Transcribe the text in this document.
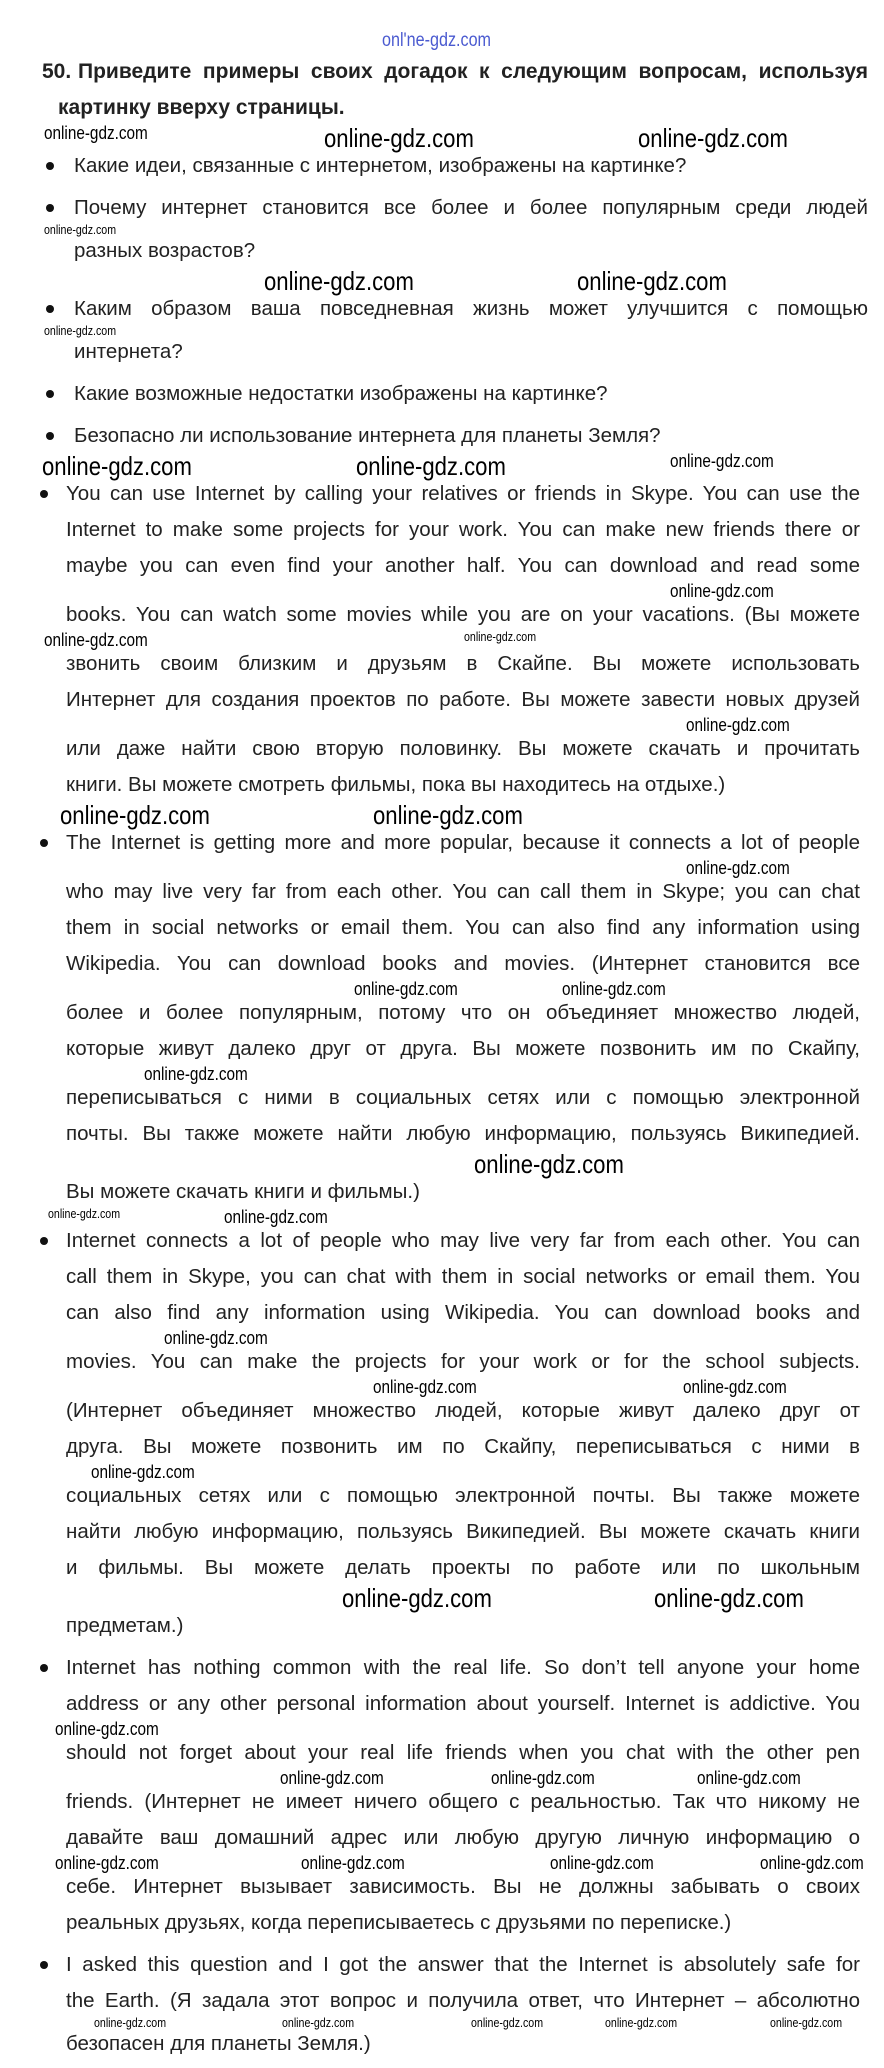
onl'ne-gdz.com
50. Приведите примеры своих догадок к следующим вопросам, используя
картинку вверху страницы.
online-gdz.com	online-gdz.com	online-gdz.com
Какие идеи, связанные с интернетом, изображены на картинке?
Почему интернет становится все более и более популярным среди людей
online-gdz.com
разных возрастов?
online-gdz.com	online-gdz.com
Каким образом ваша повседневная жизнь может улучшится с помощью
online-gdz.com
интернета?
Какие возможные недостатки изображены на картинке?
Безопасно ли использование интернета для планеты Земля?
online-gdz.com	online-gdz.com	online-gdz.com
You can use Internet by calling your relatives or friends in Skype. You can use the
Internet to make some projects for your work. You can make new friends there or
maybe you can even find your another half. You can download and read some
online-gdz.com
books. You can watch some movies while you are on your vacations. (Вы можете
online-gdz.com	online-gdz.com
звонить своим близким и друзьям в Скайпе. Вы можете использовать
Интернет для создания проектов по работе. Вы можете завести новых друзей
online-gdz.com
или даже найти свою вторую половинку. Вы можете скачать и прочитать
книги. Вы можете смотреть фильмы, пока вы находитесь на отдыхе.)
online-gdz.com	online-gdz.com
The Internet is getting more and more popular, because it connects a lot of people
online-gdz.com
who may live very far from each other. You can call them in Skype; you can chat
them in social networks or email them. You can also find any information using
Wikipedia. You can download books and movies. (Интернет становится все
online-gdz.com	online-gdz.com
более и более популярным, потому что он объединяет множество людей,
которые живут далеко друг от друга. Вы можете позвонить им по Скайпу,
online-gdz.com
переписываться с ними в социальных сетях или с помощью электронной
почты. Вы также можете найти любую информацию, пользуясь Википедией.
online-gdz.com
Вы можете скачать книги и фильмы.)
online-gdz.com	online-gdz.com
Internet connects a lot of people who may live very far from each other. You can
call them in Skype, you can chat with them in social networks or email them. You
can also find any information using Wikipedia. You can download books and
online-gdz.com
movies. You can make the projects for your work or for the school subjects.
online-gdz.com	online-gdz.com
(Интернет объединяет множество людей, которые живут далеко друг от
друга. Вы можете позвонить им по Скайпу, переписываться с ними в
online-gdz.com
социальных сетях или с помощью электронной почты. Вы также можете
найти любую информацию, пользуясь Википедией. Вы можете скачать книги
и фильмы. Вы можете делать проекты по работе или по школьным
online-gdz.com	online-gdz.com
предметам.)
Internet has nothing common with the real life. So don’t tell anyone your home
address or any other personal information about yourself. Internet is addictive. You
online-gdz.com
should not forget about your real life friends when you chat with the other pen
online-gdz.com	online-gdz.com	online-gdz.com
friends. (Интернет не имеет ничего общего с реальностью. Так что никому не
давайте ваш домашний адрес или любую другую личную информацию о
online-gdz.com	online-gdz.com	online-gdz.com	online-gdz.com
себе. Интернет вызывает зависимость. Вы не должны забывать о своих
реальных друзьях, когда переписываетесь с друзьями по переписке.)
I asked this question and I got the answer that the Internet is absolutely safe for
the Earth. (Я задала этот вопрос и получила ответ, что Интернет – абсолютно
online-gdz.com	online-gdz.com	online-gdz.com	online-gdz.com	online-gdz.com
безопасен для планеты Земля.)
